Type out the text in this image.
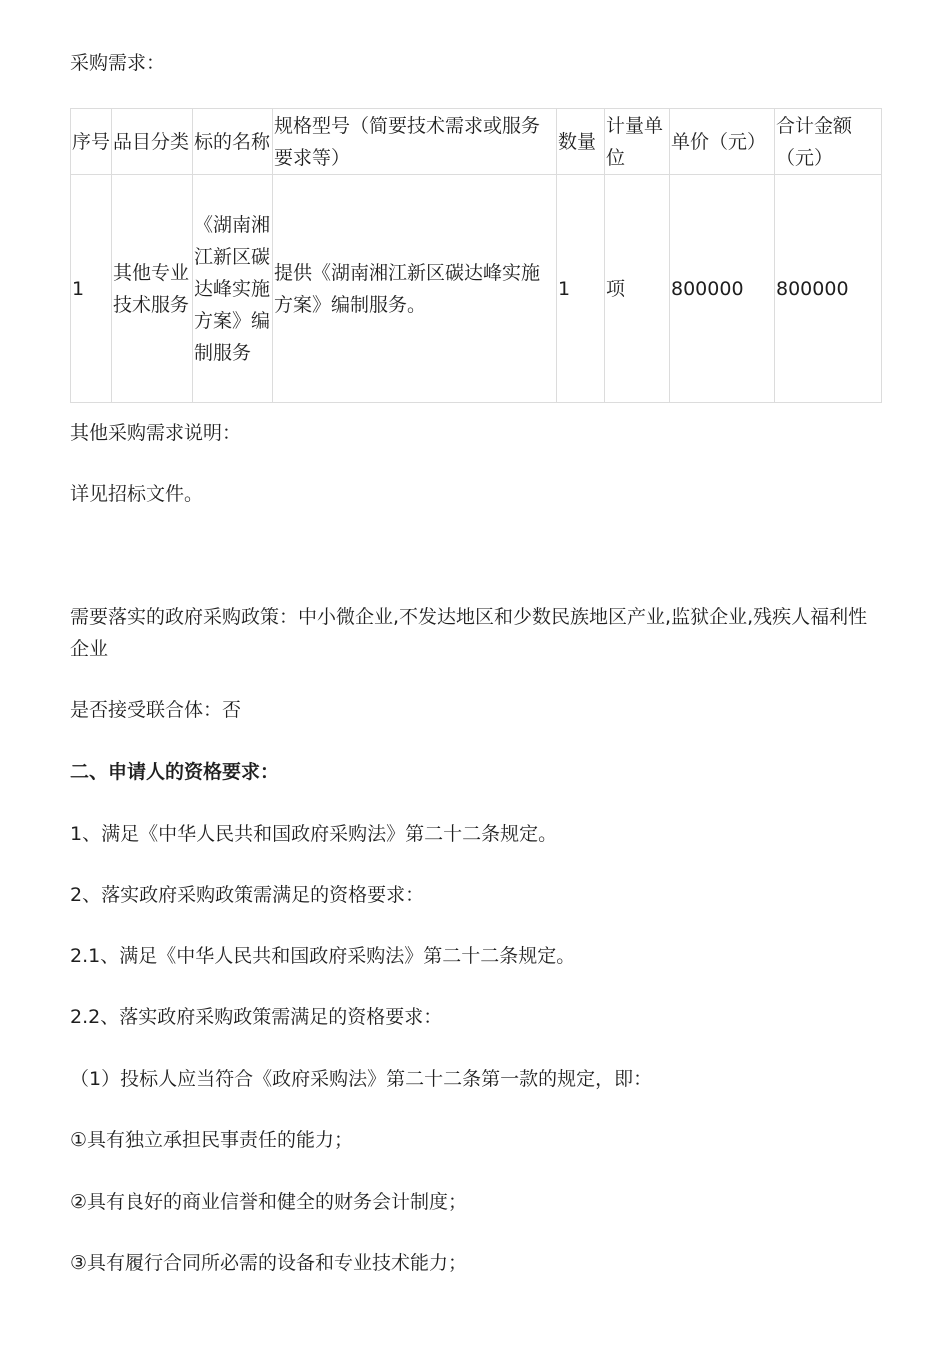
采购需求：

序号	品目分类	标的名称	规格型号（简要技术需求或服务要求等）	数量	计量单位	单价（元）	合计金额（元）
1	其他专业技术服务	《湖南湘江新区碳达峰实施方案》编制服务	提供《湖南湘江新区碳达峰实施方案》编制服务。	1	项	800000	800000

其他采购需求说明：

详见招标文件。

需要落实的政府采购政策：中小微企业,不发达地区和少数民族地区产业,监狱企业,残疾人福利性企业

是否接受联合体：否

二、申请人的资格要求：

1、满足《中华人民共和国政府采购法》第二十二条规定。

2、落实政府采购政策需满足的资格要求：

2.1、满足《中华人民共和国政府采购法》第二十二条规定。

2.2、落实政府采购政策需满足的资格要求：

（1）投标人应当符合《政府采购法》第二十二条第一款的规定，即：

①具有独立承担民事责任的能力；

②具有良好的商业信誉和健全的财务会计制度；

③具有履行合同所必需的设备和专业技术能力；
